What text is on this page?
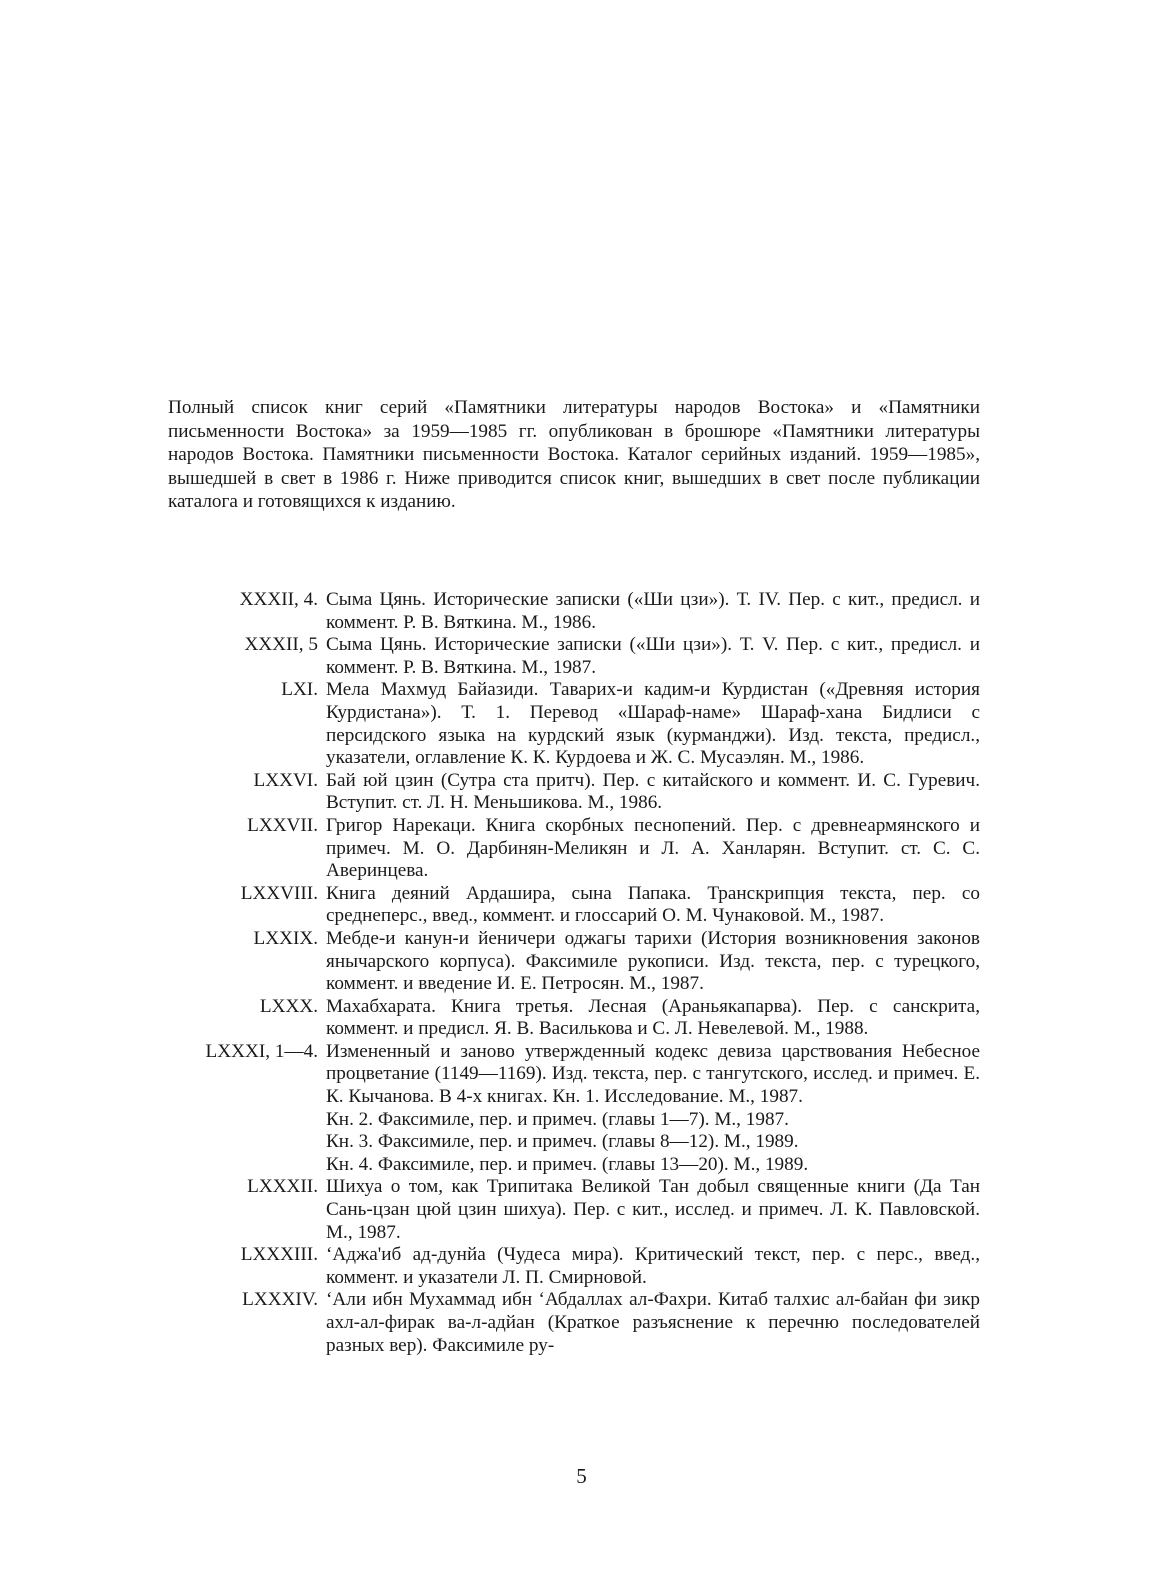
Полный список книг серий «Памятники литературы народов Востока» и «Памятники письменности Востока» за 1959—1985 гг. опубликован в брошюре «Памятники литературы народов Востока. Памятники письменности Востока. Каталог серийных изданий. 1959—1985», вышедшей в свет в 1986 г. Ниже приводится список книг, вышедших в свет после публикации каталога и готовящихся к изданию.

XXXII, 4. Сыма Цянь. Исторические записки («Ши цзи»). Т. IV. Пер. с кит., предисл. и коммент. Р. В. Вяткина. М., 1986.

XXXII, 5 Сыма Цянь. Исторические записки («Ши цзи»). Т. V. Пер. с кит., предисл. и коммент. Р. В. Вяткина. М., 1987.

LXI. Мела Махмуд Байазиди. Таварих-и кадим-и Курдистан («Древняя история Курдистана»). Т. 1. Перевод «Шараф-наме» Шараф-хана Бидлиси с персидского языка на курдский язык (курманджи). Изд. текста, предисл., указатели, оглавление К. К. Курдоева и Ж. С. Мусаэлян. М., 1986.

LXXVI. Бай юй цзин (Сутра ста притч). Пер. с китайского и коммент. И. С. Гуревич. Вступит. ст. Л. Н. Меньшикова. М., 1986.

LXXVII. Григор Нарекаци. Книга скорбных песнопений. Пер. с древнеармянского и примеч. М. О. Дарбинян-Меликян и Л. А. Ханларян. Вступит. ст. С. С. Аверинцева.

LXXVIII. Книга деяний Ардашира, сына Папака. Транскрипция текста, пер. со среднеперс., введ., коммент. и глоссарий О. М. Чунаковой. М., 1987.

LXXIX. Мебде-и канун-и йеничери оджагы тарихи (История возникновения законов янычарского корпуса). Факсимиле рукописи. Изд. текста, пер. с турецкого, коммент. и введение И. Е. Петросян. М., 1987.

LXXX. Махабхарата. Книга третья. Лесная (Араньякапарва). Пер. с санскрита, коммент. и предисл. Я. В. Василькова и С. Л. Невелевой. М., 1988.

LXXXI, 1—4. Измененный и заново утвержденный кодекс девиза царствования Небесное процветание (1149—1169). Изд. текста, пер. с тангутского, исслед. и примеч. Е. К. Кычанова. В 4-х книгах. Кн. 1. Исследование. М., 1987.

Кн. 2. Факсимиле, пер. и примеч. (главы 1—7). М., 1987.

Кн. 3. Факсимиле, пер. и примеч. (главы 8—12). М., 1989.

Кн. 4. Факсимиле, пер. и примеч. (главы 13—20). М., 1989.

LXXXII. Шихуа о том, как Трипитака Великой Тан добыл священные книги (Да Тан Сань-цзан цюй цзин шихуа). Пер. с кит., исслед. и примеч. Л. К. Павловской. М., 1987.

LXXXIII. ʻАджа'иб ад-дунйа (Чудеса мира). Критический текст, пер. с перс., введ., коммент. и указатели Л. П. Смирновой.

LXXXIV. ʻАли ибн Мухаммад ибн ʻАбдаллах ал-Фахри. Китаб талхис ал-байан фи зикр ахл-ал-фирак ва-л-адйан (Краткое разъяснение к перечню последователей разных вер). Факсимиле ру-

5
